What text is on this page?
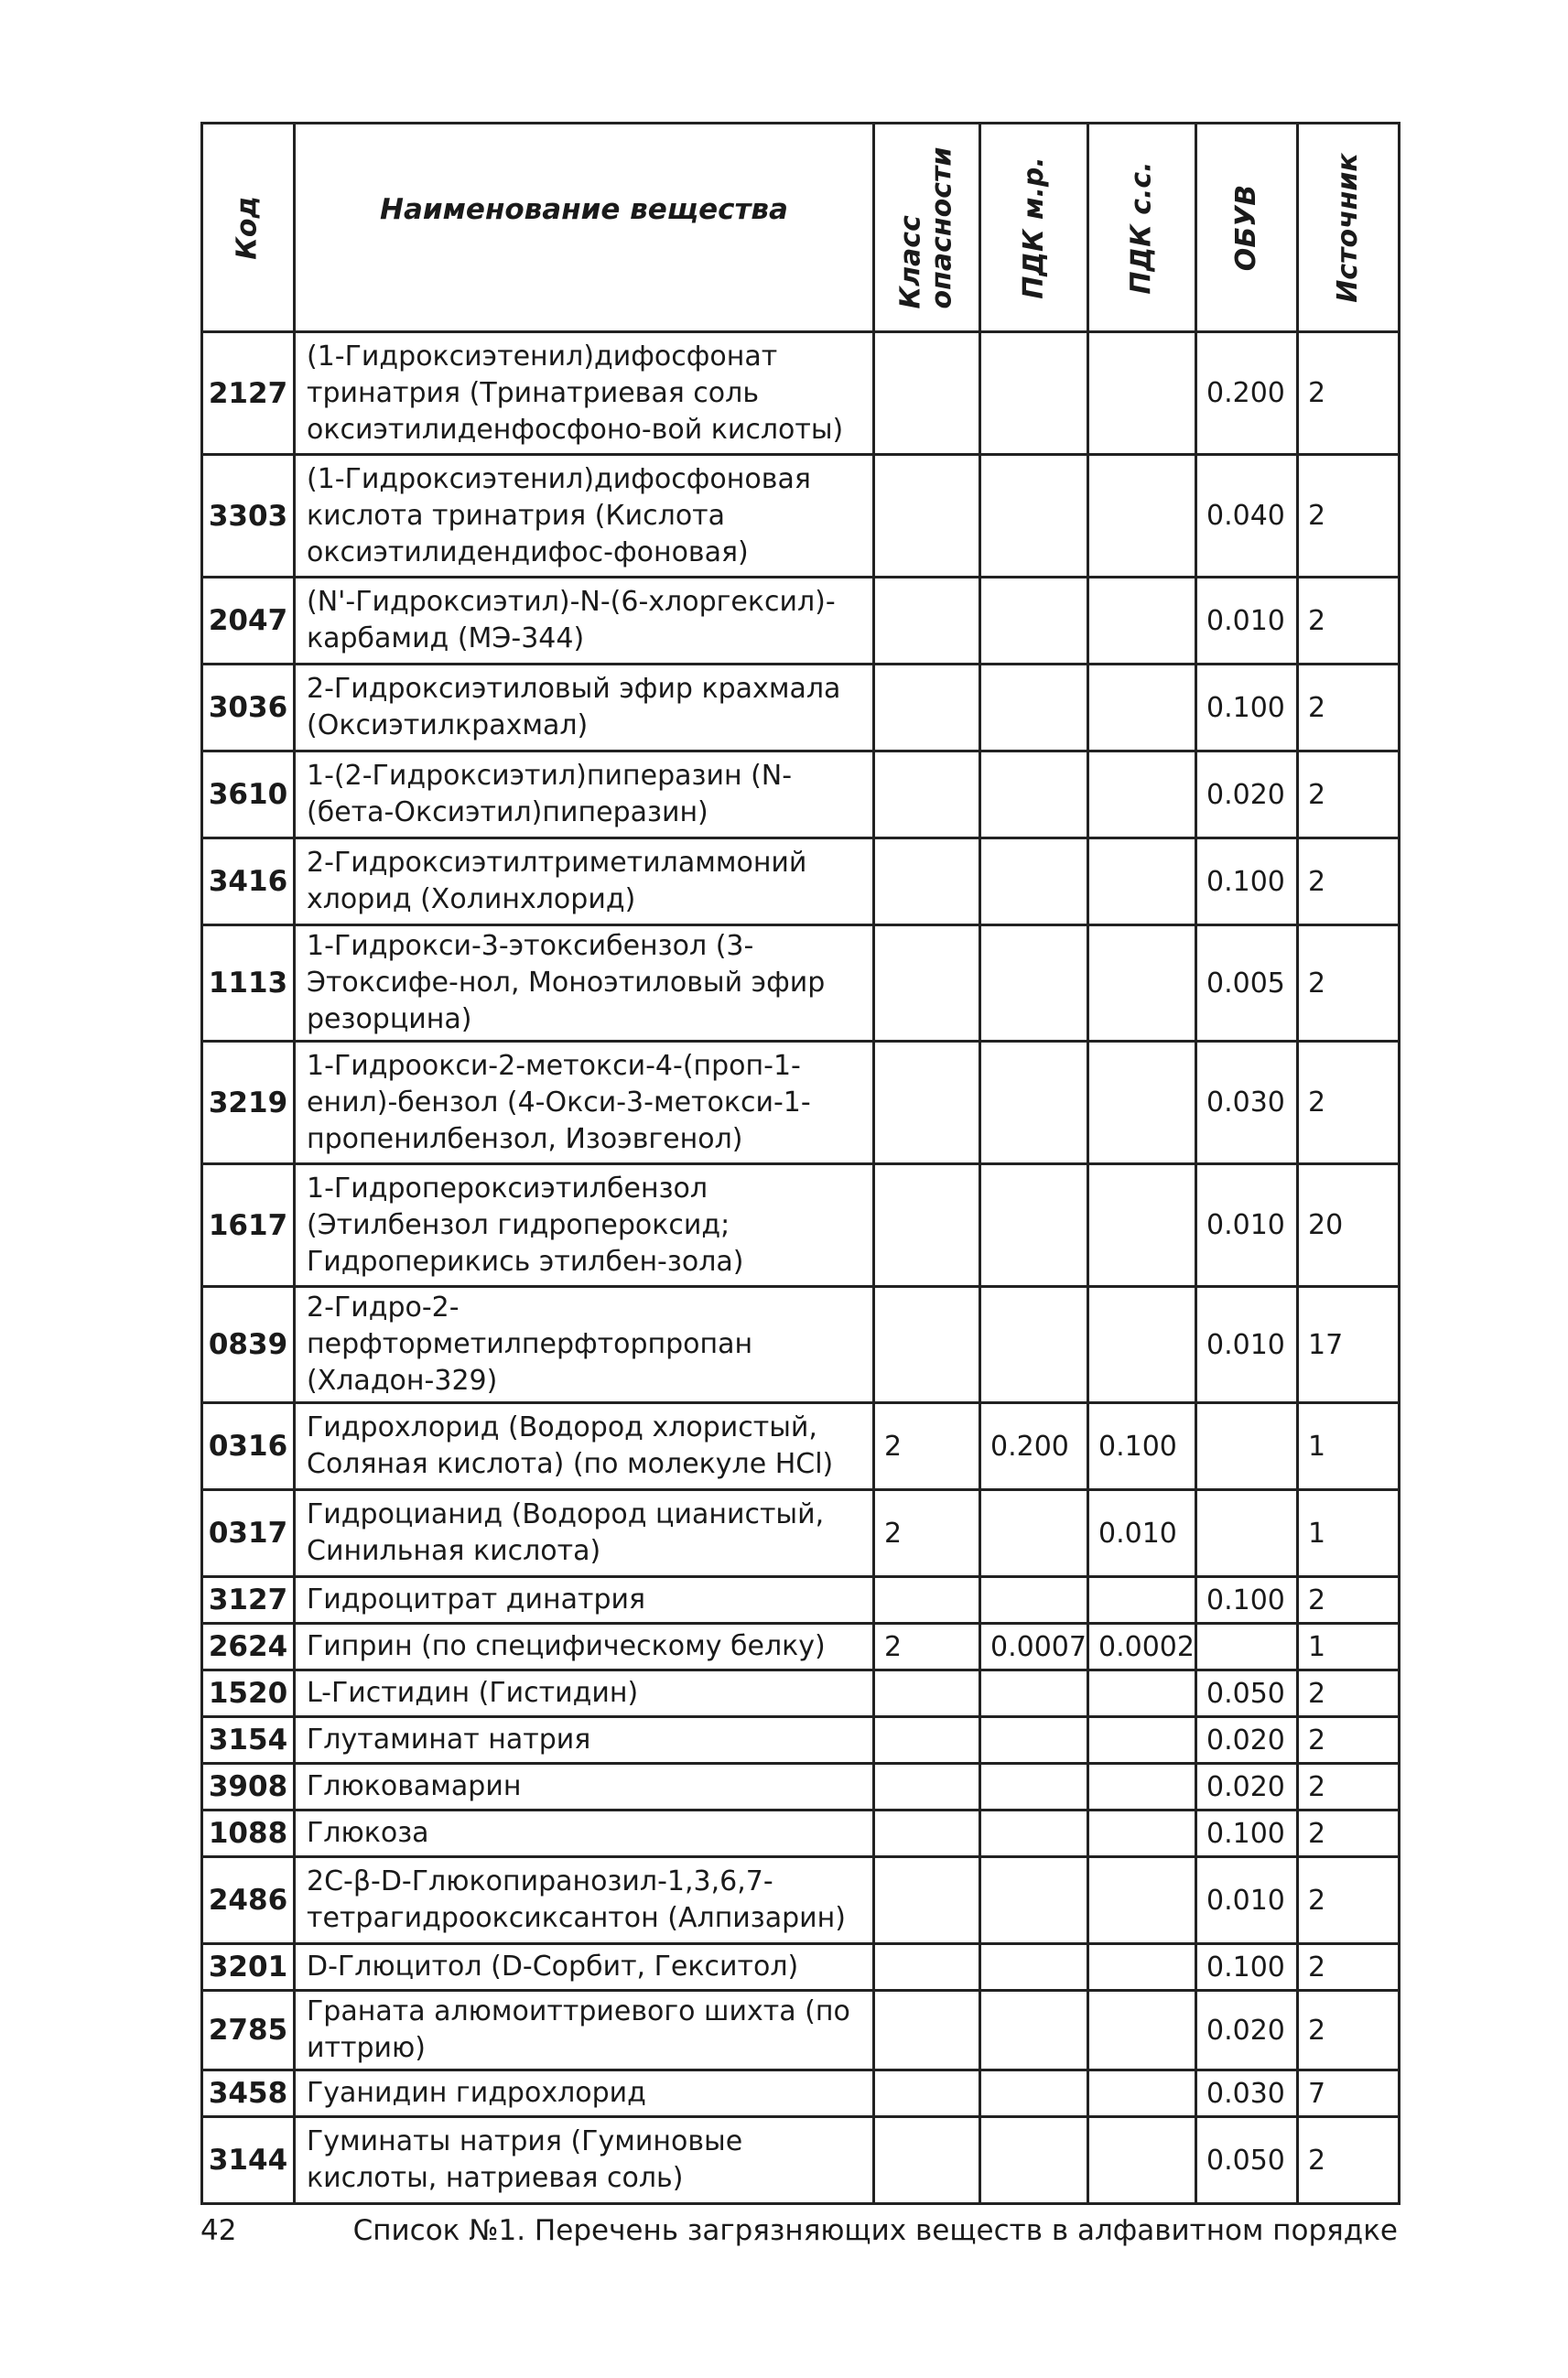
Код	Наименование вещества	Класс опасности	ПДК м.р.	ПДК с.с.	ОБУВ	Источник

2127	(1-Гидроксиэтенил)дифосфонат тринатрия (Тринатриевая соль оксиэтилиденфосфоно-вой кислоты)				0.200	2
3303	(1-Гидроксиэтенил)дифосфоновая кислота тринатрия (Кислота оксиэтилидендифос-фоновая)				0.040	2
2047	(N'-Гидроксиэтил)-N-(6-хлоргексил)-карбамид (МЭ-344)				0.010	2
3036	2-Гидроксиэтиловый эфир крахмала (Оксиэтилкрахмал)				0.100	2
3610	1-(2-Гидроксиэтил)пиперазин (N-(бета-Оксиэтил)пиперазин)				0.020	2
3416	2-Гидроксиэтилтриметиламмоний хлорид (Холинхлорид)				0.100	2
1113	1-Гидрокси-3-этоксибензол (3-Этоксифе-нол, Моноэтиловый эфир резорцина)				0.005	2
3219	1-Гидроокси-2-метокси-4-(проп-1-енил)-бензол (4-Окси-3-метокси-1-пропенилбензол, Изоэвгенол)				0.030	2
1617	1-Гидропероксиэтилбензол (Этилбензол гидропероксид; Гидроперикись этилбен-зола)				0.010	20
0839	2-Гидро-2-перфторметилперфторпропан (Хладон-329)				0.010	17
0316	Гидрохлорид (Водород хлористый, Соляная кислота) (по молекуле HCl)	2	0.200	0.100		1
0317	Гидроцианид (Водород цианистый, Синильная кислота)	2		0.010		1
3127	Гидроцитрат динатрия				0.100	2
2624	Гиприн (по специфическому белку)	2	0.0007	0.0002		1
1520	L-Гистидин (Гистидин)				0.050	2
3154	Глутаминат натрия				0.020	2
3908	Глюковамарин				0.020	2
1088	Глюкоза				0.100	2
2486	2С-β-D-Глюкопиранозил-1,3,6,7-тетрагидрооксиксантон (Алпизарин)				0.010	2
3201	D-Глюцитол (D-Сорбит, Гекситол)				0.100	2
2785	Граната алюмоиттриевого шихта (по иттрию)				0.020	2
3458	Гуанидин гидрохлорид				0.030	7
3144	Гуминаты натрия (Гуминовые кислоты, натриевая соль)				0.050	2
42	Список №1. Перечень загрязняющих веществ в алфавитном порядке
